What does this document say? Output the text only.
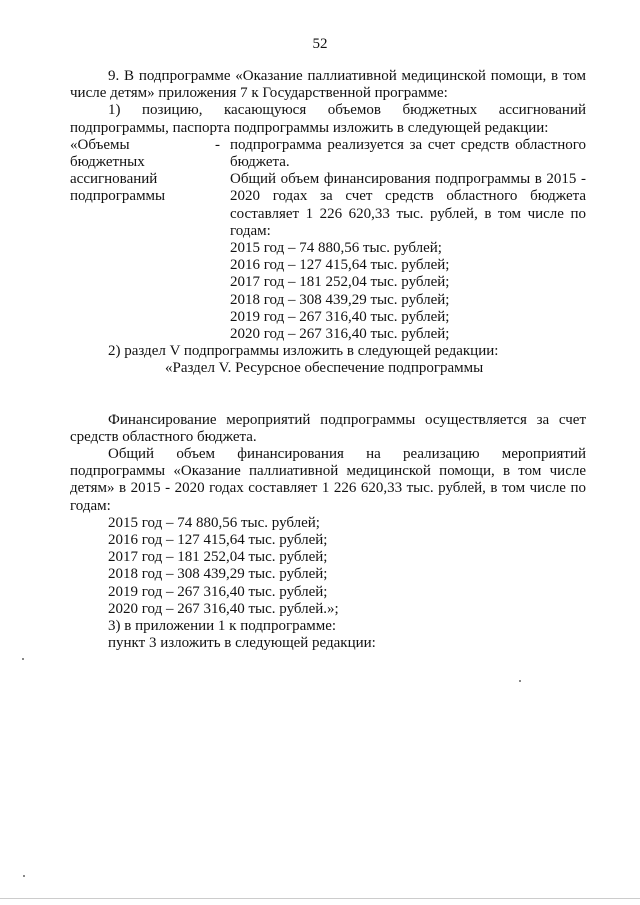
52

9. В подпрограмме «Оказание паллиативной медицинской помощи, в том числе детям» приложения 7 к Государственной программе:

1) позицию, касающуюся объемов бюджетных ассигнований подпрограммы, паспорта подпрограммы изложить в следующей редакции:

«Объемы
бюджетных
ассигнований
подпрограммы
- подпрограмма реализуется за счет средств областного бюджета.

Общий объем финансирования подпрограммы в 2015 - 2020 годах за счет средств областного бюджета составляет 1 226 620,33 тыс. рублей, в том числе по годам:

2015 год – 74 880,56 тыс. рублей;
2016 год – 127 415,64 тыс. рублей;
2017 год – 181 252,04 тыс. рублей;
2018 год – 308 439,29 тыс. рублей;
2019 год – 267 316,40 тыс. рублей;
2020 год – 267 316,40 тыс. рублей;

2) раздел V подпрограммы изложить в следующей редакции:

«Раздел V. Ресурсное обеспечение подпрограммы

Финансирование мероприятий подпрограммы осуществляется за счет средств областного бюджета.

Общий объем финансирования на реализацию мероприятий подпрограммы «Оказание паллиативной медицинской помощи, в том числе детям» в 2015 - 2020 годах составляет 1 226 620,33 тыс. рублей, в том числе по годам:

2015 год – 74 880,56 тыс. рублей;
2016 год – 127 415,64 тыс. рублей;
2017 год – 181 252,04 тыс. рублей;
2018 год – 308 439,29 тыс. рублей;
2019 год – 267 316,40 тыс. рублей;
2020 год – 267 316,40 тыс. рублей.»;

3) в приложении 1 к подпрограмме:

пункт 3 изложить в следующей редакции:
